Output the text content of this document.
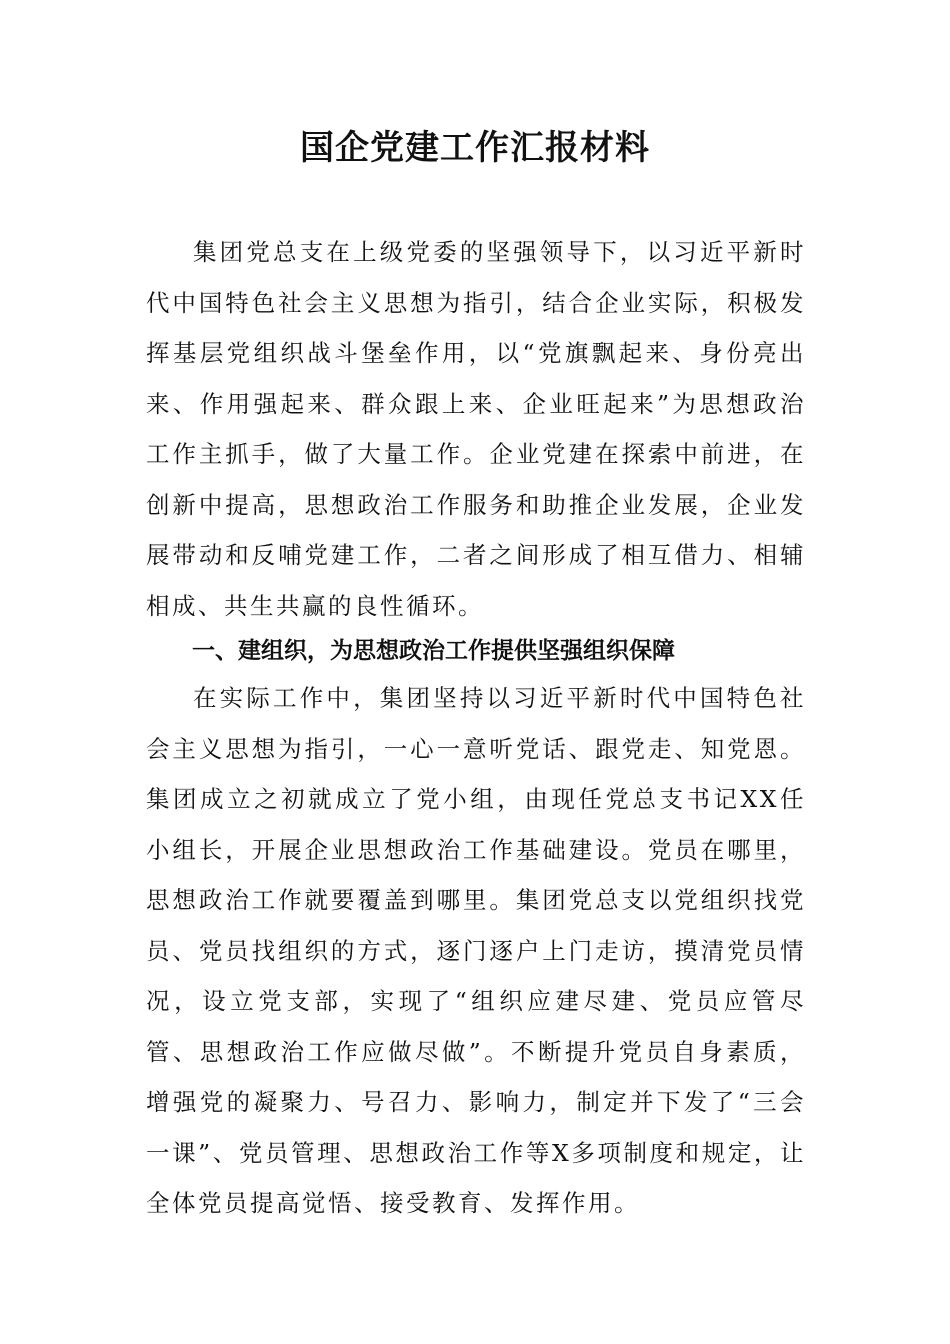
国企党建工作汇报材料

集团党总支在上级党委的坚强领导下，以习近平新时代中国特色社会主义思想为指引，结合企业实际，积极发挥基层党组织战斗堡垒作用，以“党旗飘起来、身份亮出来、作用强起来、群众跟上来、企业旺起来”为思想政治工作主抓手，做了大量工作。企业党建在探索中前进，在创新中提高，思想政治工作服务和助推企业发展，企业发展带动和反哺党建工作，二者之间形成了相互借力、相辅相成、共生共赢的良性循环。

一、建组织，为思想政治工作提供坚强组织保障

在实际工作中，集团坚持以习近平新时代中国特色社会主义思想为指引，一心一意听党话、跟党走、知党恩。集团成立之初就成立了党小组，由现任党总支书记XX任小组长，开展企业思想政治工作基础建设。党员在哪里，思想政治工作就要覆盖到哪里。集团党总支以党组织找党员、党员找组织的方式，逐门逐户上门走访，摸清党员情况，设立党支部，实现了“组织应建尽建、党员应管尽管、思想政治工作应做尽做”。不断提升党员自身素质，增强党的凝聚力、号召力、影响力，制定并下发了“三会一课”、党员管理、思想政治工作等X多项制度和规定，让全体党员提高觉悟、接受教育、发挥作用。
